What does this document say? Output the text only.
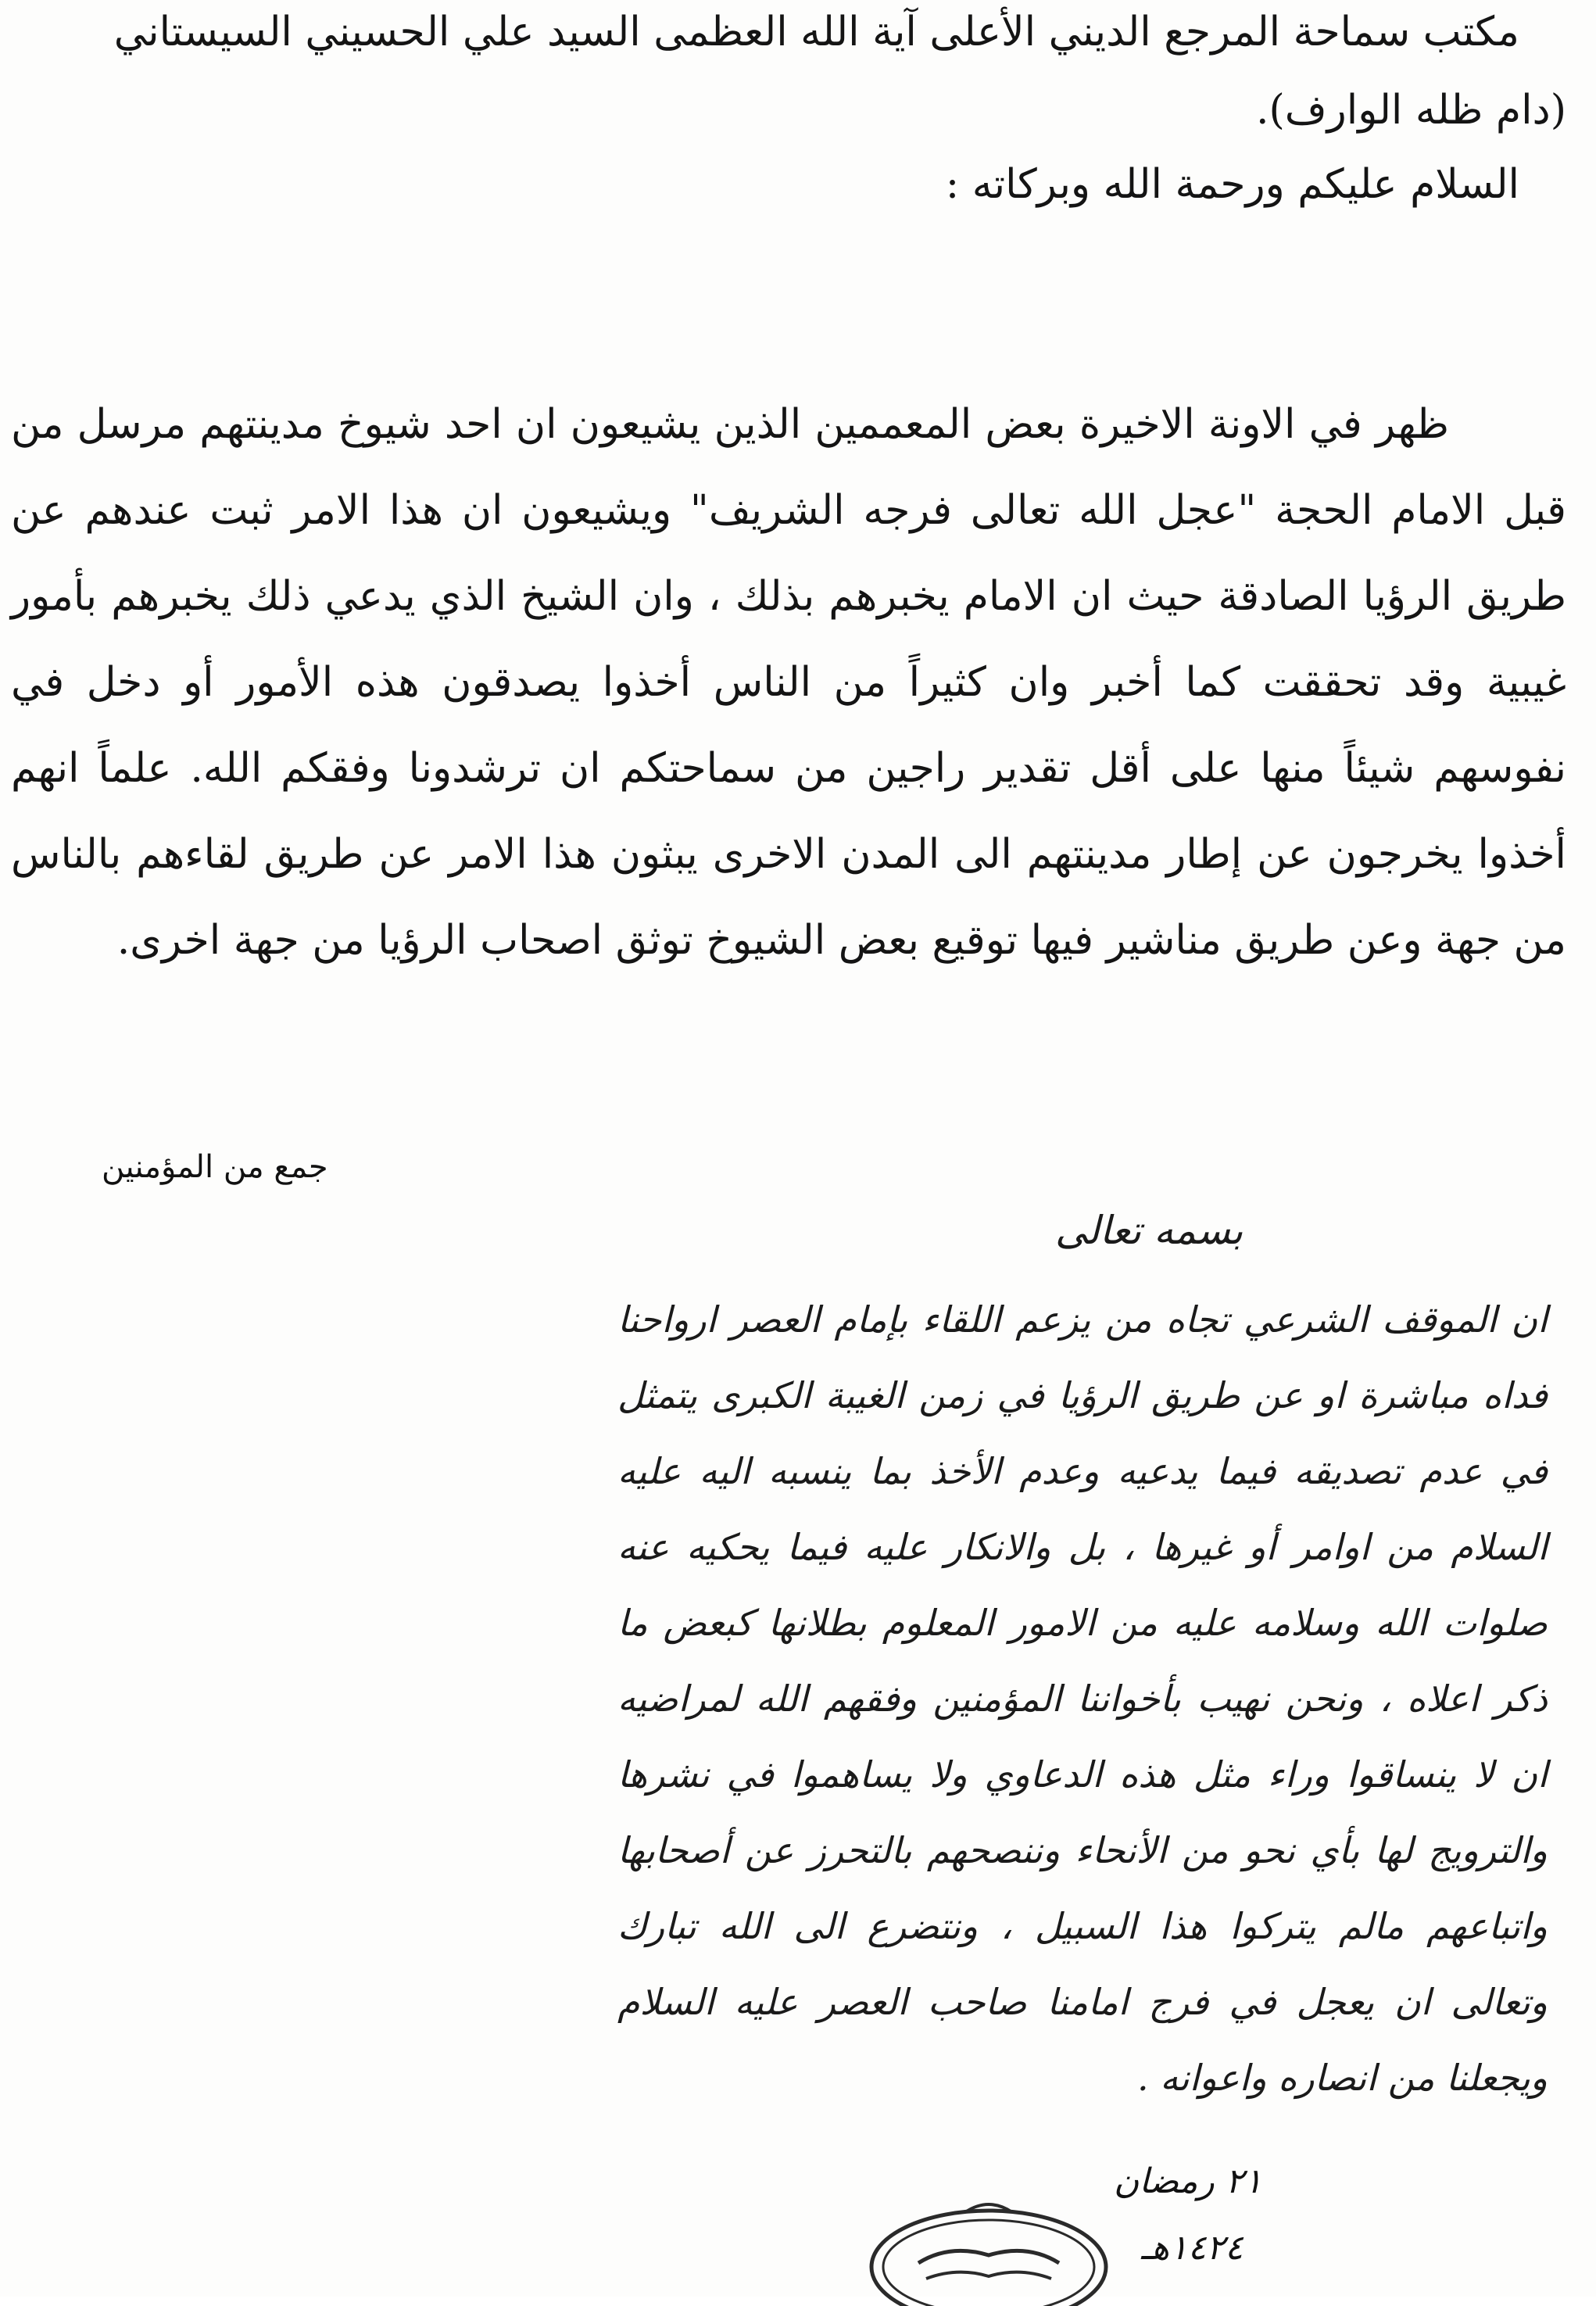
مكتب سماحة المرجع الديني الأعلى آية الله العظمى السيد علي الحسيني السيستاني
(دام ظله الوارف).
السلام عليكم ورحمة الله وبركاته :
ظهر في الاونة الاخيرة بعض المعممين الذين يشيعون ان احد شيوخ مدينتهم مرسل من قبل الامام الحجة "عجل الله تعالى فرجه الشريف" ويشيعون ان هذا الامر ثبت عندهم عن طريق الرؤيا الصادقة حيث ان الامام يخبرهم بذلك ، وان الشيخ الذي يدعي ذلك يخبرهم بأمور غيبية وقد تحققت كما أخبر وان كثيراً من الناس أخذوا يصدقون هذه الأمور أو دخل في نفوسهم شيئاً منها على أقل تقدير راجين من سماحتكم ان ترشدونا وفقكم الله. علماً انهم أخذوا يخرجون عن إطار مدينتهم الى المدن الاخرى يبثون هذا الامر عن طريق لقاءهم بالناس من جهة وعن طريق مناشير فيها توقيع بعض الشيوخ توثق اصحاب الرؤيا من جهة اخرى.
جمع من المؤمنين
بسمه تعالى
ان الموقف الشرعي تجاه من يزعم اللقاء بإمام العصر ارواحنا فداه مباشرة او عن طريق الرؤيا في زمن الغيبة الكبرى يتمثل في عدم تصديقه فيما يدعيه وعدم الأخذ بما ينسبه اليه عليه السلام من اوامر أو غيرها ، بل والانكار عليه فيما يحكيه عنه صلوات الله وسلامه عليه من الامور المعلوم بطلانها كبعض ما ذكر اعلاه ، ونحن نهيب بأخواننا المؤمنين وفقهم الله لمراضيه ان لا ينساقوا وراء مثل هذه الدعاوي ولا يساهموا في نشرها والترويج لها بأي نحو من الأنحاء وننصحهم بالتحرز عن أصحابها واتباعهم مالم يتركوا هذا السبيل ، ونتضرع الى الله تبارك وتعالى ان يعجل في فرج امامنا صاحب العصر عليه السلام ويجعلنا من انصاره واعوانه .
٢١ رمضان
١٤٢٤هـ
